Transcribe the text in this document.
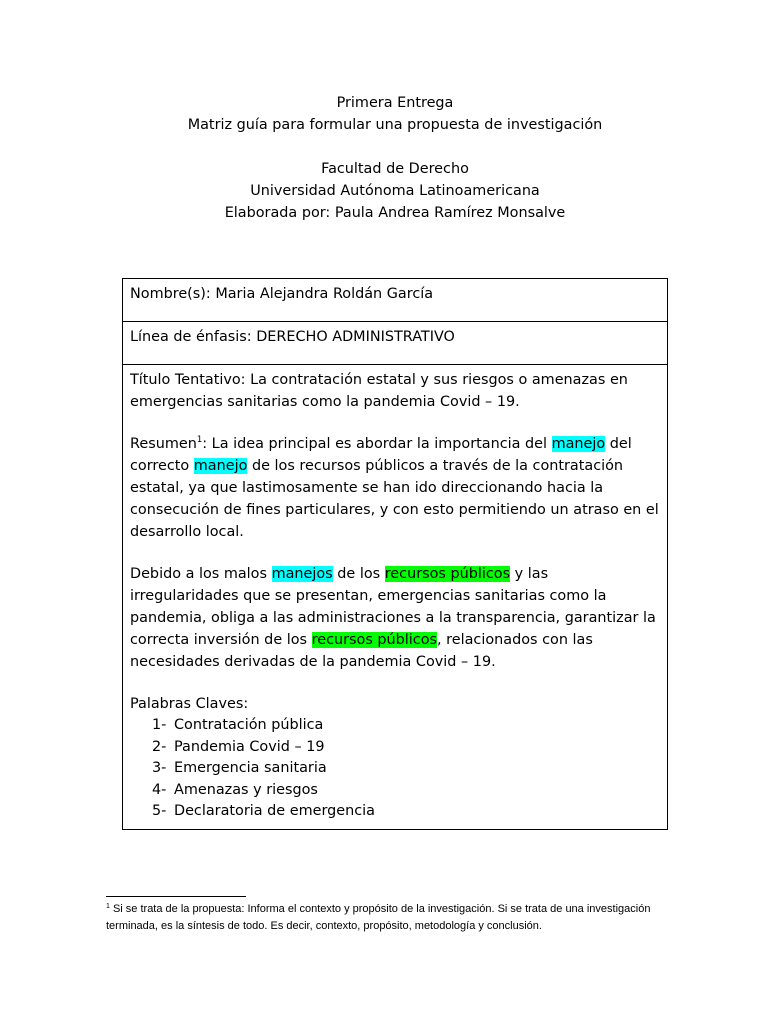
Primera Entrega
Matriz guía para formular una propuesta de investigación
Facultad de Derecho
Universidad Autónoma Latinoamericana
Elaborada por: Paula Andrea Ramírez Monsalve
Nombre(s): Maria Alejandra Roldán García
Línea de énfasis: DERECHO ADMINISTRATIVO

Título Tentativo: La contratación estatal y sus riesgos o amenazas en emergencias sanitarias como la pandemia Covid – 19.

Resumen$^1$: La idea principal es abordar la importancia del manejo del correcto manejo de los recursos públicos a través de la contratación estatal, ya que lastimosamente se han ido direccionando hacia la consecución de fines particulares, y con esto permitiendo un atraso en el desarrollo local.

Debido a los malos manejos de los recursos públicos y las irregularidades que se presentan, emergencias sanitarias como la pandemia, obliga a las administraciones a la transparencia, garantizar la correcta inversión de los recursos públicos, relacionados con las necesidades derivadas de la pandemia Covid – 19.

Palabras Claves:

1- Contratación pública
2- Pandemia Covid – 19
3- Emergencia sanitaria
4- Amenazas y riesgos
5- Declaratoria de emergencia
$^1$ Si se trata de la propuesta: Informa el contexto y propósito de la investigación. Si se trata de una investigación terminada, es la síntesis de todo. Es decir, contexto, propósito, metodología y conclusión.
